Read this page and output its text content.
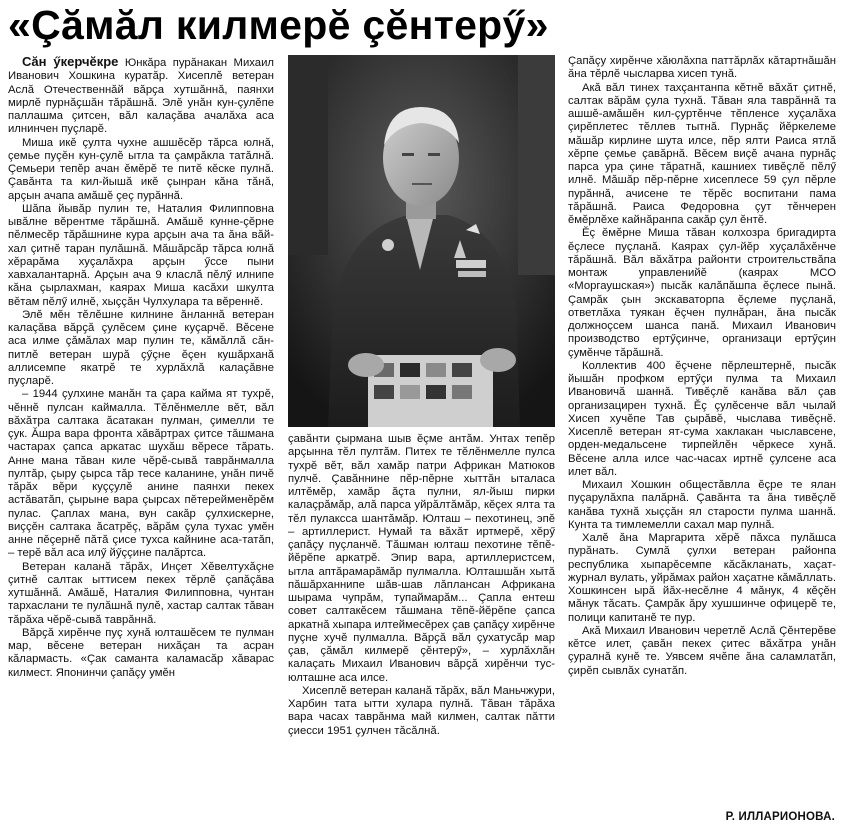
«Çӑмӑл килмерӗ çӗнтерӳ»

Сӑн ӳкерчӗкре Юнкӑра пурӑнакан Михаил Иванович Хошкина куратӑр. Хисеплӗ ветеран Аслӑ Отечественнӑй вӑрҫа хутшӑннӑ, паянхи мирлӗ пурнӑҫшӑн тӑрӑшнӑ. Элӗ унӑн кун-çулӗпе паллашма çитсен, вӑл калаçӑва ачалӑха аса илнинчен пуçларӗ.

Миша икӗ çулта чухне ашшӗсӗр тӑрса юлнӑ, çемье пуçӗн кун-çулӗ ытла та çамрӑкла татӑлнӑ. Çемьери тепӗр ачан ӗмӗрӗ те питӗ кӗске пулнӑ. Çавӑнта та кил-йышӑ икӗ çынран кӑна тӑнӑ, арçын ачапа амӑшӗ çеç пурӑннӑ.

Шӑпа йывӑр пулин те, Наталия Филипповна ывӑлне вӗрентме тӑрӑшнӑ. Амӑшӗ кунне-çӗрне пӗлмесӗр тӑрӑшнине кура арçын ача та ӑна вӑй-хал çитнӗ таран пулӑшнӑ. Мӑшӑрсӑр тӑрса юлнӑ хӗрарӑма хуçалӑхра арçын ӳссе пыни хавхалантарнӑ. Арçын ача 9 класлӑ пӗлӳ илнипе кӑна çырлахман, каярах Миша касӑхи шкулта вӗтам пӗлӳ илнӗ, хыççӑн Чулхулара та вӗреннӗ.

Элӗ мӗн тӗлӗшне килнине ӑнланнӑ ветеран калаçӑва вӑрҫӑ çулӗсем çине куçарчӗ. Вӗсене аса илме çӑмӑлах мар пулин те, кӑмӑллӑ сӑн-питлӗ ветеран шурӑ çӳçне ӗçен кушӑрханӑ аллисемпе якатрӗ те хурлӑхлӑ калаçӑвне пуçларӗ.

– 1944 çулхине манӑн та çара кайма ят тухрӗ, чӗннӗ пулсан каймалла. Тӗлӗнмелле вӗт, вӑл вӑхӑтра салтака ӑсатакан пулман, çимелли те çук. Ăшра вара фронта хӑвӑртрах çитсе тӑшмана частарах çапса аркатас шухӑш вӗресе тӑрать. Анне мана тӑван киле чӗрӗ-сывӑ таврӑнмалла пултӑр, çыру çырса тӑр тесе каланине, унӑн пичӗ тӑрӑх вӗри куççулӗ анине паянхи пекех астӑватӑп, çырыне вара çырсах пӗтерейменӗрӗм пулас. Çаплах мана, вун сакӑр çулхискерне, виççӗн салтака ӑсатрӗç, вӑрӑм çула тухас умӗн анне пӗçернӗ пӑтӑ çисе тухса кайнине аса-татӑп, – терӗ вӑл аса илӳ йӳççине палӑртса.

Ветеран каланӑ тӑрӑх, Инçет Хӗвелтухӑçне çитнӗ салтак ыттисем пекех тӗрлӗ çапӑçӑва хутшӑннӑ. Амӑшӗ, Наталия Филипповна, чунтан тархаслани те пулӑшнӑ пулӗ, хастар салтак тӑван тӑрӑха чӗрӗ-сывӑ таврӑннӑ.

Вӑрҫӑ хирӗнче пуç хунӑ юлташӗсем те пулман мар, вӗсене ветеран нихӑçан та асран кӑлармасть. «Çак саманта каламасӑр хӑварас килмест. Японинчи çапӑçу умӗн

çавӑнти çырмана шыв ӗçме антӑм. Унтах тепӗр арçынна тӗл пултӑм. Питех те тӗлӗнмелле пулса тухрӗ вӗт, вӑл хамӑр патри Африкан Матюков пулчӗ. Çавӑннине пӗр-пӗрне хыттӑн ыталаса илтӗмӗр, хамӑр ăçта пулни, ял-йыш пирки калаçрӑмӑр, алӑ парса уйрӑлтӑмӑр, кӗçех ялта та тӗл пулаксса шантӑмӑр. Юлташ – пехотинец, эпӗ – артиллерист. Нумай та вӑхӑт иртмерӗ, хӗрӳ çапӑçу пуçланчӗ. Тӑшман юлташ пехотине тӗпӗ-йӗрӗпе аркатрӗ. Эпир вара, артиллеристсем, ытла аптӑрамарӑмӑр пулмалла. Юлташшӑн хытӑ пӑшӑрханнипе шӑв-шав лӑплансан Африкана шырама чупрӑм, тупаймарӑм... Çапла ентеш совет салтакӗсем тӑшмана тӗпӗ-йӗрӗпе çапса аркатнӑ хыпара илтеймесӗрех çав çапӑçу хирӗнче пуçне хучӗ пулмалла. Вӑрҫӑ вӑл çухатусӑр мар çав, çӑмӑл килмерӗ çӗнтерӳ», – хурлӑхлӑн калаçать Михаил Иванович вӑрҫӑ хирӗнчи тус-юлташне аса илсе.

Хисеплӗ ветеран каланӑ тӑрӑх, вӑл Маньчжури, Харбин тата ытти хулара пулнӑ. Тӑван тӑрӑха вара часах таврӑнма май килмен, салтак пӑтти çиесси 1951 çулчен тӑсӑлнӑ.

Çапӑçу хирӗнче хӑюлӑхпа паттӑрлӑх кӑтартнӑшӑн ӑна тӗрлӗ чысларва хисеп тунӑ.

Акӑ вӑл тинех тахçантанпа кӗтнӗ вӑхӑт çитнӗ, салтак вӑрӑм çула тухнӑ. Тӑван яла таврӑннӑ та ашшӗ-амӑшӗн кил-çуртӗнче тӗпленсе хуçалӑха çирӗплетес тӗллев тытнӑ. Пурнӑç йӗркелеме мӑшӑр кирлине шута илсе, пӗр ялти Раиса ятлӑ хӗрпе çемье çавӑрнӑ. Вӗсем виçӗ ачана пурнӑç парса ура çине тӑратнӑ, кашниех тивӗçлӗ пӗлӳ илнӗ. Мӑшӑр пӗр-пӗрне хисеплесе 59 çул пӗрле пурӑннӑ, ачисене те тӗрӗс воспитани пама тӑрӑшнӑ. Раиса Федоровна çут тӗнчерен ӗмӗрлӗхе кайнӑранпа сакӑр çул ӗнтӗ.

Ĕç ӗмӗрне Миша тӑван колхозра бригадирта ӗçлесе пуçланӑ. Каярах çул-йӗр хуçалӑхӗнче тӑрӑшнӑ. Вӑл вӑхӑтра районти строительствӑпа монтаж управленийӗ (каярах МСО «Моргаушская») пысӑк калӑпӑшпа ӗçлесе пынӑ. Çамрӑк çын экскаваторпа ӗçлеме пуçланӑ, ответлӑха туякан ӗçчен пулнӑран, ӑна пысӑк должноçсем шанса панӑ. Михаил Иванович производство ертӳçинче, организаци ертӳçин çумӗнче тӑрӑшнӑ.

Коллектив 400 ӗçчене пӗрлештернӗ, пысӑк йышӑн профком ертӳçи пулма та Михаил Ивановичӑ шаннӑ. Тивӗçлӗ канӑва вӑл çав организацирен тухнӑ. Ĕç çулӗсенче вӑл чылай Хисеп хучӗпе Тав çырӑвӗ, чыслава тивӗçнӗ. Хисеплӗ ветеран ят-сума хаклакан чыславсене, орден-медальсене тирпейлӗн чӗркесе хунӑ. Вӗсене алла илсе час-часах иртнӗ çулсене аса илет вӑл.

Михаил Хошкин общестӑвлла ӗçре те ялан пуçарулӑхпа палӑрнӑ. Çавӑнта та ӑна тивӗçлӗ канӑва тухнӑ хыççӑн ял старости пулма шаннӑ. Кунта та тимлемелли сахал мар пулнӑ.

Халӗ ӑна Маргарита хӗрӗ пӑхса пулӑшса пурӑнать. Сумлӑ çулхи ветеран районпа республика хыпарӗсемпе кӑсӑкланать, хаçат-журнал вулать, уйрӑмах район хаçатне кӑмӑллать. Хошкинсен ырӑ йӑх-несӗлне 4 мӑнук, 4 кӗçӗн мӑнук тӑсать. Çамрӑк ӑру хушшинче офицерӗ те, полици капитанӗ те пур.

Акӑ Михаил Иванович черетлӗ Аслӑ Çӗнтерӗве кӗтсе илет, çавӑн пекех çитес вӑхӑтра унӑн çуралнӑ кунӗ те. Уявсем ячӗпе ӑна саламлатӑп, çирӗп сывлӑх сунатӑп.

Р. ИЛЛАРИОНОВА.
